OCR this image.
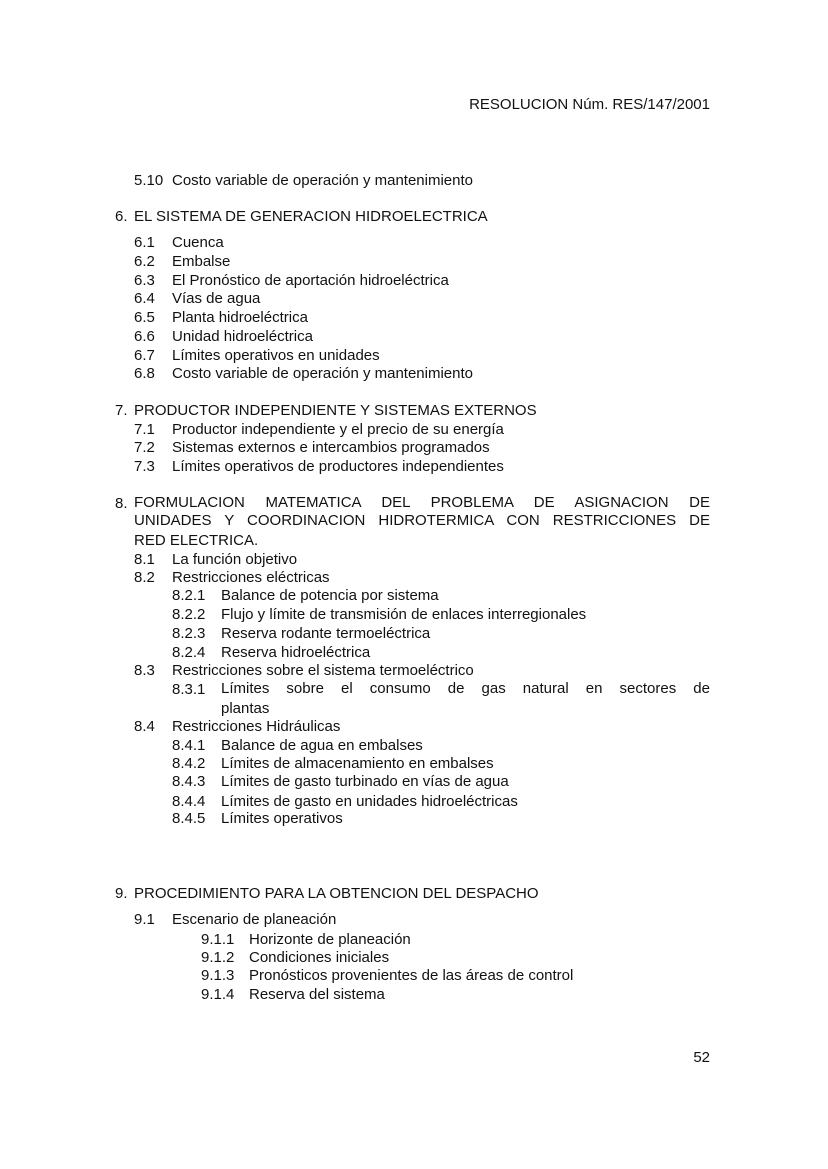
RESOLUCION Núm. RES/147/2001
5.10 Costo variable de operación y mantenimiento
6. EL SISTEMA DE GENERACION HIDROELECTRICA
6.1 Cuenca
6.2 Embalse
6.3 El Pronóstico de aportación hidroeléctrica
6.4 Vías de agua
6.5 Planta hidroeléctrica
6.6 Unidad hidroeléctrica
6.7 Límites operativos en unidades
6.8 Costo variable de operación y mantenimiento
7. PRODUCTOR INDEPENDIENTE Y SISTEMAS EXTERNOS
7.1 Productor independiente y el precio de su energía
7.2 Sistemas externos e intercambios programados
7.3 Límites operativos de productores independientes
8. FORMULACION MATEMATICA DEL PROBLEMA DE ASIGNACION DE
UNIDADES Y COORDINACION HIDROTERMICA CON RESTRICCIONES DE
RED ELECTRICA.
8.1 La función objetivo
8.2 Restricciones eléctricas
8.2.1 Balance de potencia por sistema
8.2.2 Flujo y límite de transmisión de enlaces interregionales
8.2.3 Reserva rodante termoeléctrica
8.2.4 Reserva hidroeléctrica
8.3 Restricciones sobre el sistema termoeléctrico
8.3.1 Límites sobre el consumo de gas natural en sectores de
plantas
8.4 Restricciones Hidráulicas
8.4.1 Balance de agua en embalses
8.4.2 Límites de almacenamiento en embalses
8.4.3 Límites de gasto turbinado en vías de agua
8.4.4 Límites de gasto en unidades hidroeléctricas
8.4.5 Límites operativos
9. PROCEDIMIENTO PARA LA OBTENCION DEL DESPACHO
9.1 Escenario de planeación
9.1.1 Horizonte de planeación
9.1.2 Condiciones iniciales
9.1.3 Pronósticos provenientes de las áreas de control
9.1.4 Reserva del sistema
52
